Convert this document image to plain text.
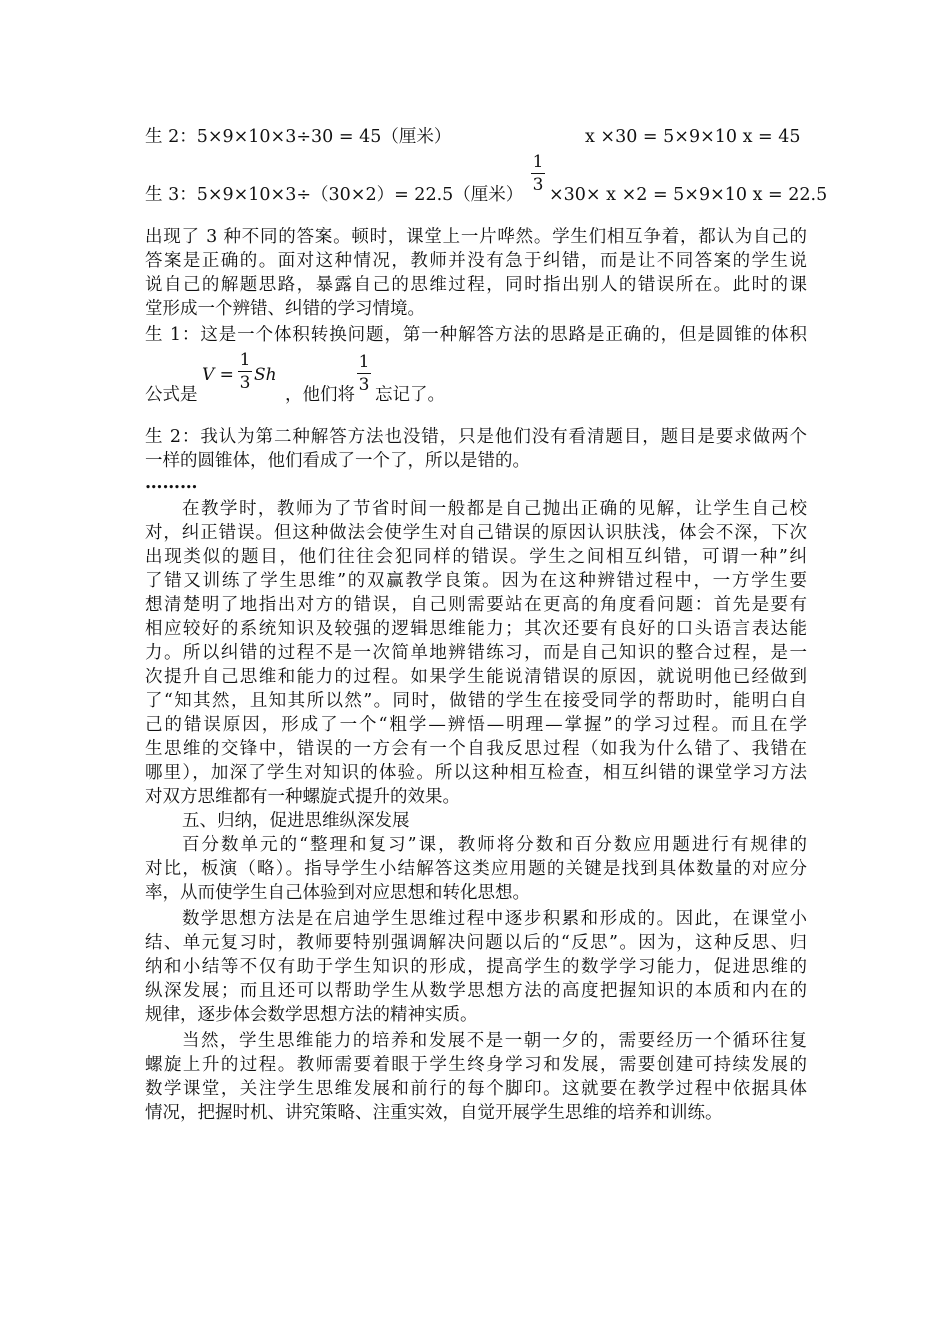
生 2：5×9×10×3÷30 = 45（厘米）	x ×30 = 5×9×10 x = 45
生 3：5×9×10×3÷（30×2）= 22.5（厘米）
1
3 ×30× x ×2 = 5×9×10 x = 22.5
出现了 3 种不同的答案。顿时，课堂上一片哗然。学生们相互争着，都认为自己的
答案是正确的。面对这种情况，教师并没有急于纠错，而是让不同答案的学生说
说自己的解题思路，暴露自己的思维过程，同时指出别人的错误所在。此时的课
堂形成一个辨错、纠错的学习情境。
生 1：这是一个体积转换问题，第一种解答方法的思路是正确的，但是圆锥的体积
公式是
V =
1
3 Sh
，他们将
1
3 忘记了。
生 2：我认为第二种解答方法也没错，只是他们没有看清题目，题目是要求做两个
一样的圆锥体，他们看成了一个了，所以是错的。
………
在教学时，教师为了节省时间一般都是自己抛出正确的见解，让学生自己校
对，纠正错误。但这种做法会使学生对自己错误的原因认识肤浅，体会不深，下次
出现类似的题目，他们往往会犯同样的错误。学生之间相互纠错，可谓一种”纠
了错又训练了学生思维”的双赢教学良策。因为在这种辨错过程中，一方学生要
想清楚明了地指出对方的错误，自己则需要站在更高的角度看问题：首先是要有
相应较好的系统知识及较强的逻辑思维能力；其次还要有良好的口头语言表达能
力。所以纠错的过程不是一次简单地辨错练习，而是自己知识的整合过程，是一
次提升自己思维和能力的过程。如果学生能说清错误的原因，就说明他已经做到
了“知其然，且知其所以然”。同时，做错的学生在接受同学的帮助时，能明白自
己的错误原因，形成了一个“粗学—辨悟—明理—掌握”的学习过程。而且在学
生思维的交锋中，错误的一方会有一个自我反思过程（如我为什么错了、我错在
哪里），加深了学生对知识的体验。所以这种相互检查，相互纠错的课堂学习方法
对双方思维都有一种螺旋式提升的效果。
五、归纳，促进思维纵深发展
百分数单元的“整理和复习”课，教师将分数和百分数应用题进行有规律的
对比，板演（略）。指导学生小结解答这类应用题的关键是找到具体数量的对应分
率，从而使学生自己体验到对应思想和转化思想。
数学思想方法是在启迪学生思维过程中逐步积累和形成的。因此，在课堂小
结、单元复习时，教师要特别强调解决问题以后的“反思”。因为，这种反思、归
纳和小结等不仅有助于学生知识的形成，提高学生的数学学习能力，促进思维的
纵深发展；而且还可以帮助学生从数学思想方法的高度把握知识的本质和内在的
规律，逐步体会数学思想方法的精神实质。
当然，学生思维能力的培养和发展不是一朝一夕的，需要经历一个循环往复
螺旋上升的过程。教师需要着眼于学生终身学习和发展，需要创建可持续发展的
数学课堂，关注学生思维发展和前行的每个脚印。这就要在教学过程中依据具体
情况，把握时机、讲究策略、注重实效，自觉开展学生思维的培养和训练。
